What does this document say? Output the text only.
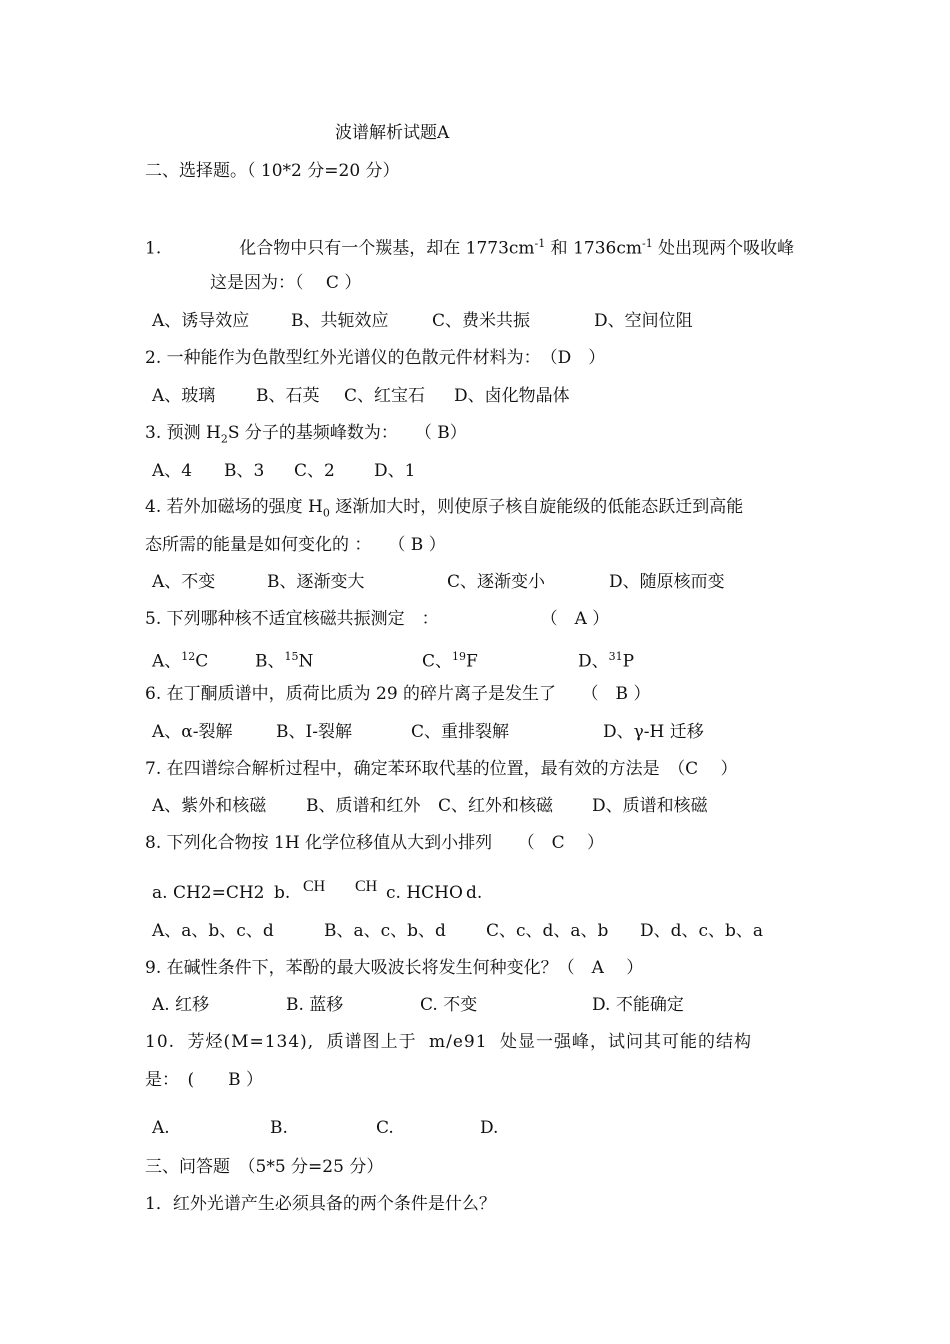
波谱解析试题A
二、选择题。（ 10*2 分=20 分）
1.	化合物中只有一个羰基，却在 $1773cm^{-1}$ 和 $1736cm^{-1}$ 处出现两个吸收峰
这是因为：（　 C ）
A、诱导效应 B、共轭效应	C、费米共振	D、空间位阻
2. 一种能作为色散型红外光谱仪的色散元件材料为：　（D　）
A、玻璃 B、石英 C、红宝石 D、卤化物晶体
3. 预测 $H_2S$ 分子的基频峰数为：　　（ B）
A、4 B、3 C、2 D、1
4. 若外加磁场的强度 $H_0$ 逐渐加大时，则使原子核自旋能级的低能态跃迁到高能
态所需的能量是如何变化的 ：　　（ B ）
A、不变	B、逐渐变大	C、逐渐变小	D、随原核而变
5. 下列哪种核不适宜核磁共振测定　：　　　　　　　（　A ）
A、$^{12}$C	B、$^{15}$N	C、$^{19}$F	D、$^{31}$P
6. 在丁酮质谱中，质荷比质为 29 的碎片离子是发生了　　（　B ）
A、α-裂解	B、I-裂解	C、重排裂解	D、γ-H 迁移
7. 在四谱综合解析过程中，确定苯环取代基的位置，最有效的方法是　（C　 ）
A、紫外和核磁 B、质谱和红外 C、红外和核磁 D、质谱和核磁
8. 下列化合物按 1H 化学位移值从大到小排列　　（　C　 ）
a. CH2=CH2 b.	c. HCHO d.
CH CH
A、a、b、c、d	B、a、c、b、d C、c、d、a、b D、d、c、b、a
9. 在碱性条件下，苯酚的最大吸波长将发生何种变化？（　A　 ）
A. 红移	B. 蓝移	C. 不变	D. 不能确定
10. 芳烃(M=134), 质谱图上于 m/e91 处显一强峰，试问其可能的结构
是：　(　　B ）
A.	B.	C.	D.
三、问答题　（5*5 分=25 分）
1．红外光谱产生必须具备的两个条件是什么？
